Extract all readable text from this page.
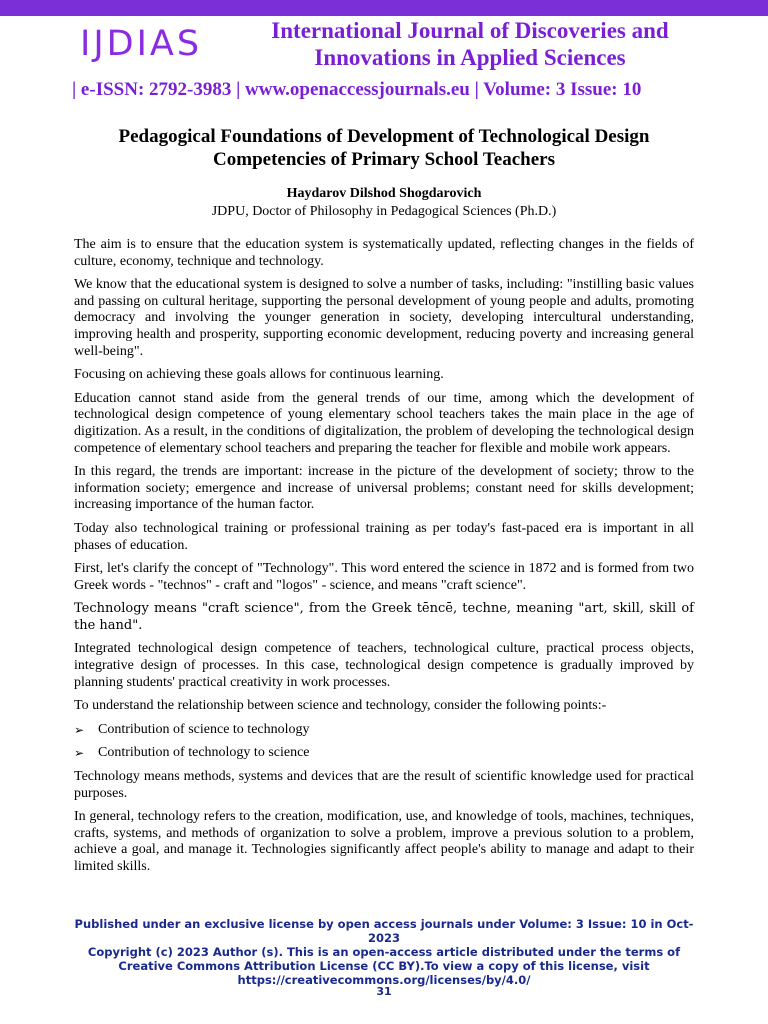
IJDIAS	International Journal of Discoveries and Innovations in Applied Sciences
| e-ISSN: 2792-3983 | www.openaccessjournals.eu | Volume: 3 Issue: 10
Pedagogical Foundations of Development of Technological Design Competencies of Primary School Teachers
Haydarov Dilshod Shogdarovich
JDPU, Doctor of Philosophy in Pedagogical Sciences (Ph.D.)

The aim is to ensure that the education system is systematically updated, reflecting changes in the fields of culture, economy, technique and technology.

We know that the educational system is designed to solve a number of tasks, including: "instilling basic values and passing on cultural heritage, supporting the personal development of young people and adults, promoting democracy and involving the younger generation in society, developing intercultural understanding, improving health and prosperity, supporting economic development, reducing poverty and increasing general well-being".

Focusing on achieving these goals allows for continuous learning.

Education cannot stand aside from the general trends of our time, among which the development of technological design competence of young elementary school teachers takes the main place in the age of digitization. As a result, in the conditions of digitalization, the problem of developing the technological design competence of elementary school teachers and preparing the teacher for flexible and mobile work appears.

In this regard, the trends are important: increase in the picture of the development of society; throw to the information society; emergence and increase of universal problems; constant need for skills development; increasing importance of the human factor.

Today also technological training or professional training as per today's fast-paced era is important in all phases of education.

First, let's clarify the concept of "Technology". This word entered the science in 1872 and is formed from two Greek words - "technos" - craft and "logos" - science, and means "craft science".

Technology means "craft science", from the Greek tēncē, techne, meaning "art, skill, skill of the hand".

Integrated technological design competence of teachers, technological culture, practical process objects, integrative design of processes. In this case, technological design competence is gradually improved by planning students' practical creativity in work processes.

To understand the relationship between science and technology, consider the following points:-

➢ Contribution of science to technology
➢ Contribution of technology to science

Technology means methods, systems and devices that are the result of scientific knowledge used for practical purposes.

In general, technology refers to the creation, modification, use, and knowledge of tools, machines, techniques, crafts, systems, and methods of organization to solve a problem, improve a previous solution to a problem, achieve a goal, and manage it. Technologies significantly affect people's ability to manage and adapt to their limited skills.

Published under an exclusive license by open access journals under Volume: 3 Issue: 10 in Oct-2023
Copyright (c) 2023 Author (s). This is an open-access article distributed under the terms of Creative Commons Attribution License (CC BY).To view a copy of this license, visit
https://creativecommons.org/licenses/by/4.0/
31
